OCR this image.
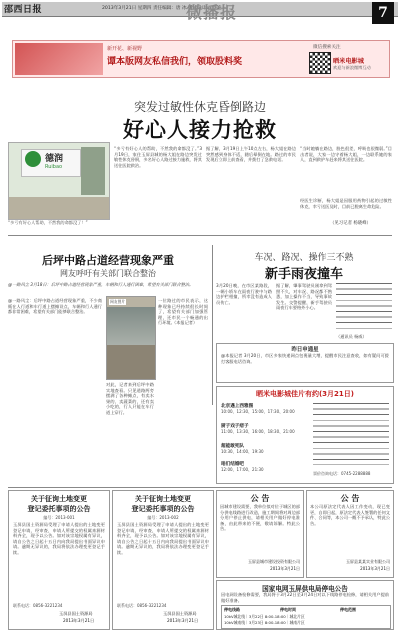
邵西日报	2013年3月21日 星期四 责任编辑：唐 冰 版式设计：宁 迪
微播报	7
新开花、新视野
谭本版网友私信我们，领取股料奖
微信搜索关注
晒米电影城
欢迎与新浪微博互动
突发过敏性休克昏倒路边
好心人接力抢救
德润
Ruibao
“多亏有好心人帮助，不然我的命都没了！”
“多亏有好心人的帮助，不然我的命都没了。”3月19日，家住玉屏县城的杨大姐在路边突发过敏性休克昏倒，多名好心人路过接力施救，将其送往医院救治。
据了解，3月19日上午10点左右，杨大姐在路边突然感到身体不适，随后晕倒在地。路过的市民发现后立即上前查看，并拨打了急救电话。
“当时她躺在路边，脸色很差，呼吸也很微弱。”目击者说，大家一边守着杨大姐，一边联系她的家人，直到救护车赶来将其送往医院。
经医生诊断，杨大姐是因服用药物引起的过敏性休克，幸亏送医及时，目前已脱离生命危险。
（见习记者 杨晓峰）
后坪中路占道经营现象严重
网友呼吁有关部门联合整治
@一路风尘 3月18日：后坪中路占道经营现象严重，车辆和行人通行困难，希望有关部门联合整治。
网友图片
@一路风尘：后坪中路占道经营现象严重，不少商贩在人行道和车行道上摆摊设点，车辆和行人通行都非常困难，希望有关部门能够联合整治。
对此，记者来到后坪中路实地查看。只见道路两旁摆满了各种摊点，有卖水果的、卖蔬菜的，还有卖小吃的，行人只能在车行道上穿行。
一位路过的市民表示，这种现象已经持续很长时间了，希望有关部门加强管理，还市民一个畅通的出行环境。
（本报记者）
车况、路况、操作三不熟
新手雨夜撞车
3月20日晚，在市区某路段，一辆小轿车在雨夜行驶中与路边护栏相撞，所幸没有造成人员伤亡。
据了解，肇事驾驶员刚拿到驾照不久，对车况、路况都不熟悉，加上操作不当，导致事故发生。交警提醒，新手驾驶员雨夜行车要格外小心。
（通讯员 杨威）
昨日申通星
@本报记者 3月20日，市区多家快递网点包裹量大增，提醒市民注意查收，如有疑问可拨打客服电话咨询。
晒米电影城佳片有约(3月21日)
北京遇上西雅图
10:00、12:30、15:00、17:30、20:00
厨子戏子痞子
11:00、13:30、16:00、18:30、21:00
超能敢死队
10:30、14:00、19:30
咱们结婚吧
12:00、17:00、21:30
票价咨询电话：0745-2288888
关于征询土地变更
登记委托事项的公告
编号：2013-001
玉屏县国土资源局受理了申请人提出的土地变更登记申请，经审查，申请人所提交的权属来源材料齐全，现予以公告。如对该宗地权属有异议，请自公告之日起十五日内向我局提出书面异议申请。逾期无异议的，我局将依法办理变更登记手续。
联系电话：0856-3221234
玉屏县国土资源局
2013年3月21日
关于征询土地变更
登记委托事项的公告
编号：2013-002
玉屏县国土资源局受理了申请人提出的土地变更登记申请，经审查，申请人所提交的权属来源材料齐全，现予以公告。如对该宗地权属有异议，请自公告之日起十五日内向我局提出书面异议申请。逾期无异议的，我局将依法办理变更登记手续。
联系电话：0856-3221234
玉屏县国土资源局
2013年3月21日
公 告
因城市建设需要，我单位拟对位于城区的部分供电线路进行改造，施工期间将对周边部分用户停止供电，请相关用户做好停电准备，由此带来的不便，敬请谅解。特此公告。
玉屏县城市建设投资有限公司
2013年3月21日
公 告
本公司原法定代表人因工作变动，现已变更，自即日起，原法定代表人签署的任何文件、合同等，本公司一概不予承认，特此公告。
玉屏县某某实业有限公司
2013年3月21日
国家电网玉屏供电局停电公告
因电网设备检修需要，我局将于3月22日至3月24日对以下线路停电检修，请相关用户提前做好准备。
停电线路	停电时间	停电范围
10kV城北线｜3月22日 8:00-18:00｜城北片区
10kV城南线｜3月23日 8:00-18:00｜城南片区
